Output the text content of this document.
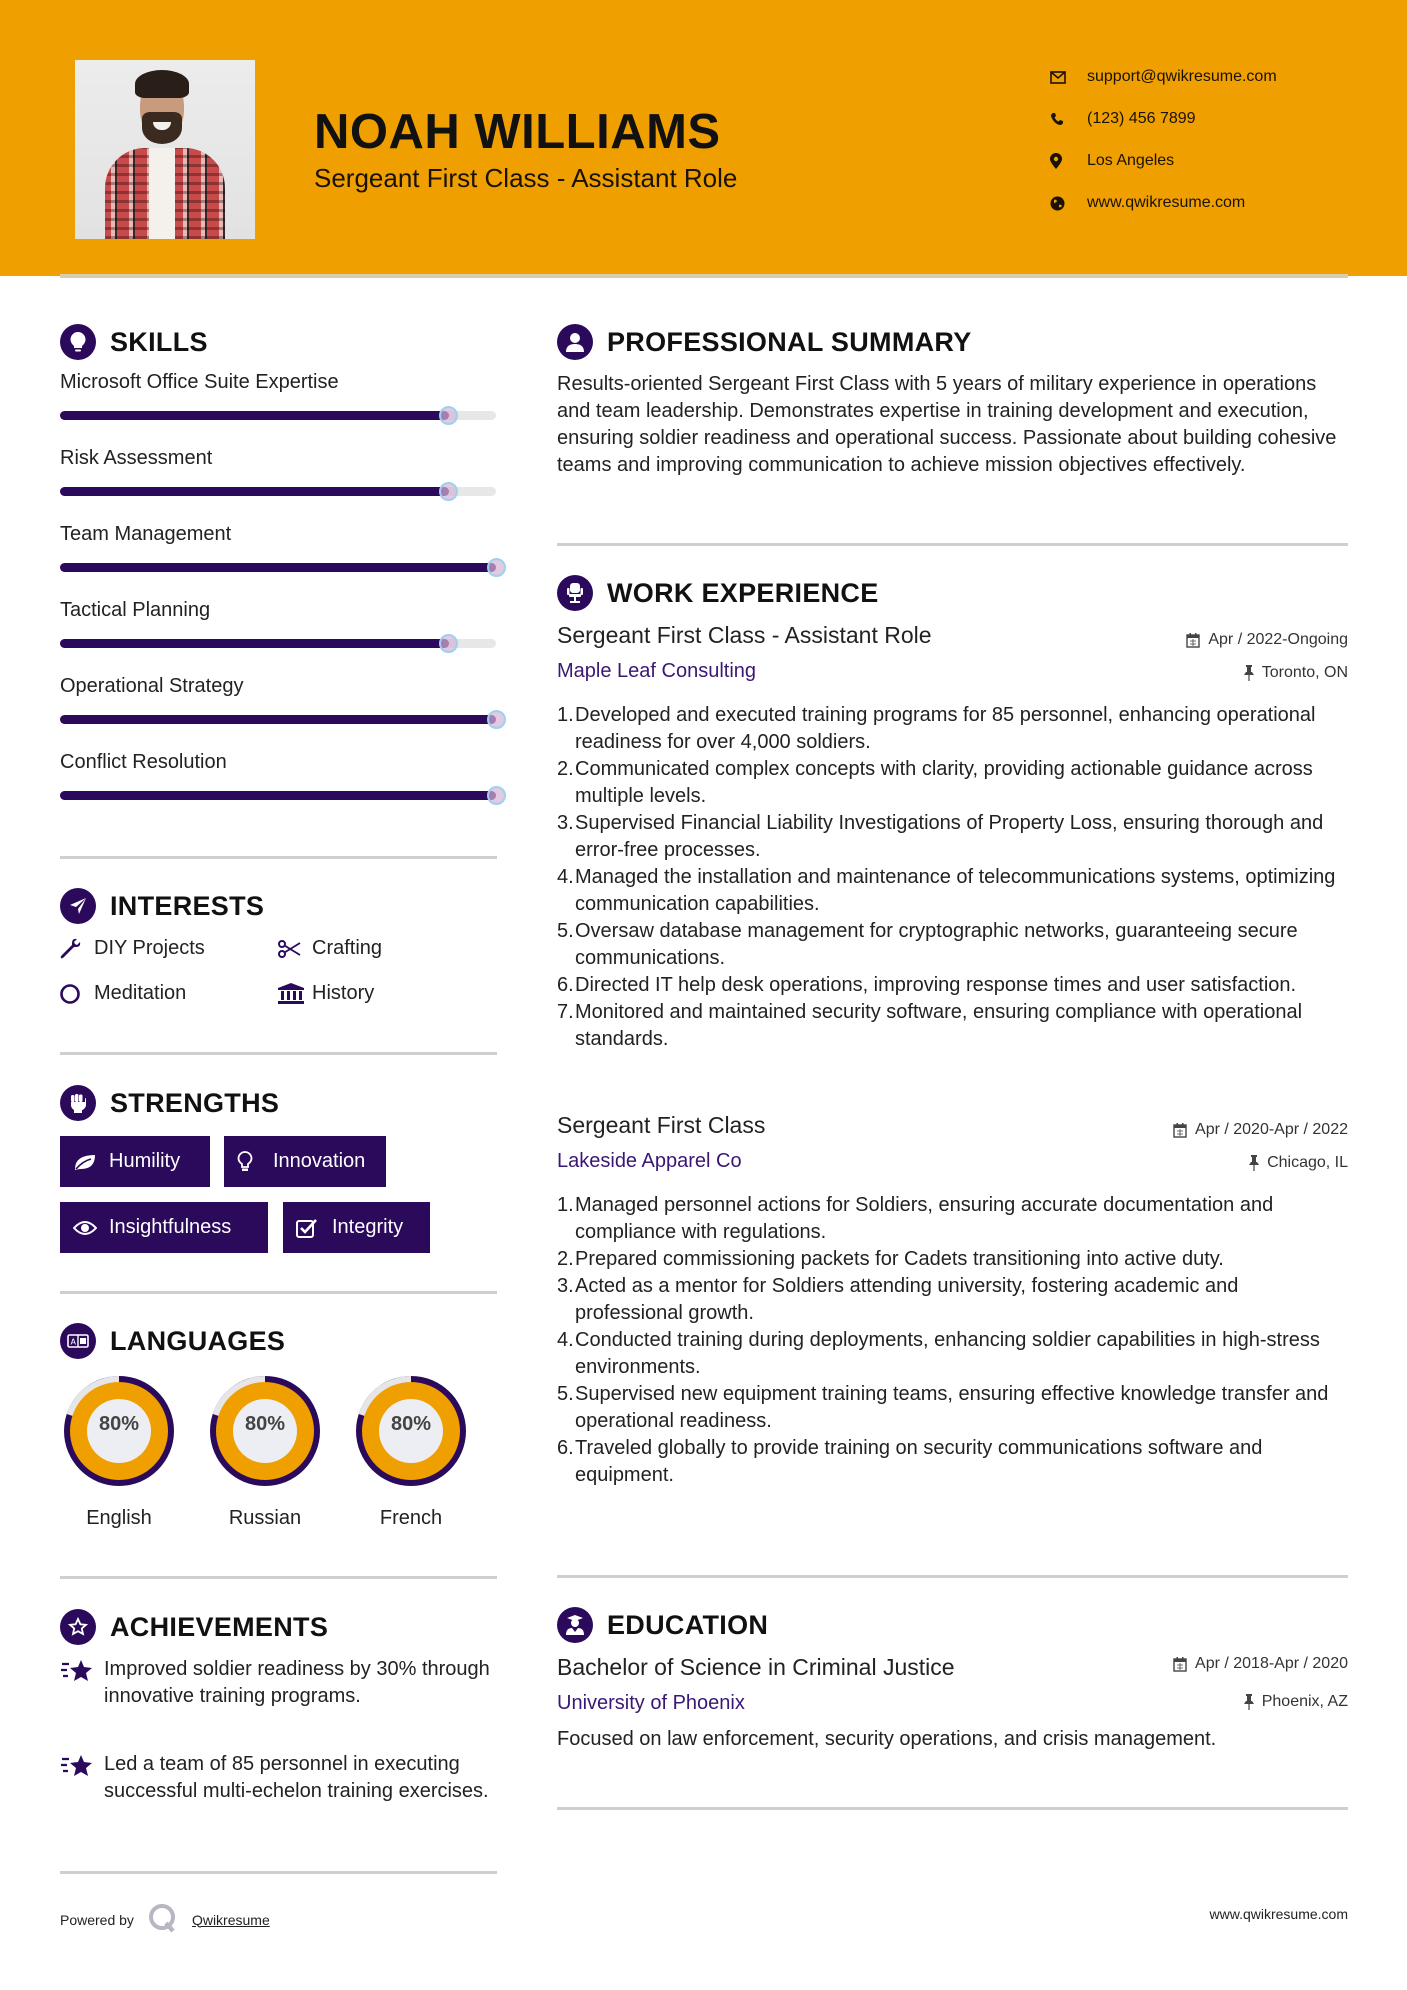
NOAH WILLIAMS
Sergeant First Class - Assistant Role
support@qwikresume.com
(123) 456 7899
Los Angeles
www.qwikresume.com
SKILLS
Microsoft Office Suite Expertise
Risk Assessment
Team Management
Tactical Planning
Operational Strategy
Conflict Resolution
INTERESTS
DIY Projects	Crafting
Meditation	History
STRENGTHS
Humility	Innovation
Insightfulness	Integrity
A LANGUAGES
80%
English
80%
Russian
80%
French
ACHIEVEMENTS
Improved soldier readiness by 30% through innovative training programs.
Led a team of 85 personnel in executing successful multi-echelon training exercises.
PROFESSIONAL SUMMARY
Results-oriented Sergeant First Class with 5 years of military experience in operations and team leadership. Demonstrates expertise in training development and execution, ensuring soldier readiness and operational success. Passionate about building cohesive teams and improving communication to achieve mission objectives effectively.
WORK EXPERIENCE
Sergeant First Class - Assistant Role	Apr / 2022-Ongoing
Maple Leaf Consulting	Toronto, ON
1. Developed and executed training programs for 85 personnel, enhancing operational readiness for over 4,000 soldiers.
2. Communicated complex concepts with clarity, providing actionable guidance across multiple levels.
3. Supervised Financial Liability Investigations of Property Loss, ensuring thorough and error-free processes.
4. Managed the installation and maintenance of telecommunications systems, optimizing communication capabilities.
5. Oversaw database management for cryptographic networks, guaranteeing secure communications.
6. Directed IT help desk operations, improving response times and user satisfaction.
7. Monitored and maintained security software, ensuring compliance with operational standards.
Sergeant First Class	Apr / 2020-Apr / 2022
Lakeside Apparel Co	Chicago, IL
1. Managed personnel actions for Soldiers, ensuring accurate documentation and compliance with regulations.
2. Prepared commissioning packets for Cadets transitioning into active duty.
3. Acted as a mentor for Soldiers attending university, fostering academic and professional growth.
4. Conducted training during deployments, enhancing soldier capabilities in high-stress environments.
5. Supervised new equipment training teams, ensuring effective knowledge transfer and operational readiness.
6. Traveled globally to provide training on security communications software and equipment.
EDUCATION
Bachelor of Science in Criminal Justice	Apr / 2018-Apr / 2020
University of Phoenix	Phoenix, AZ
Focused on law enforcement, security operations, and crisis management.
Powered by	Qwikresume	www.qwikresume.com
